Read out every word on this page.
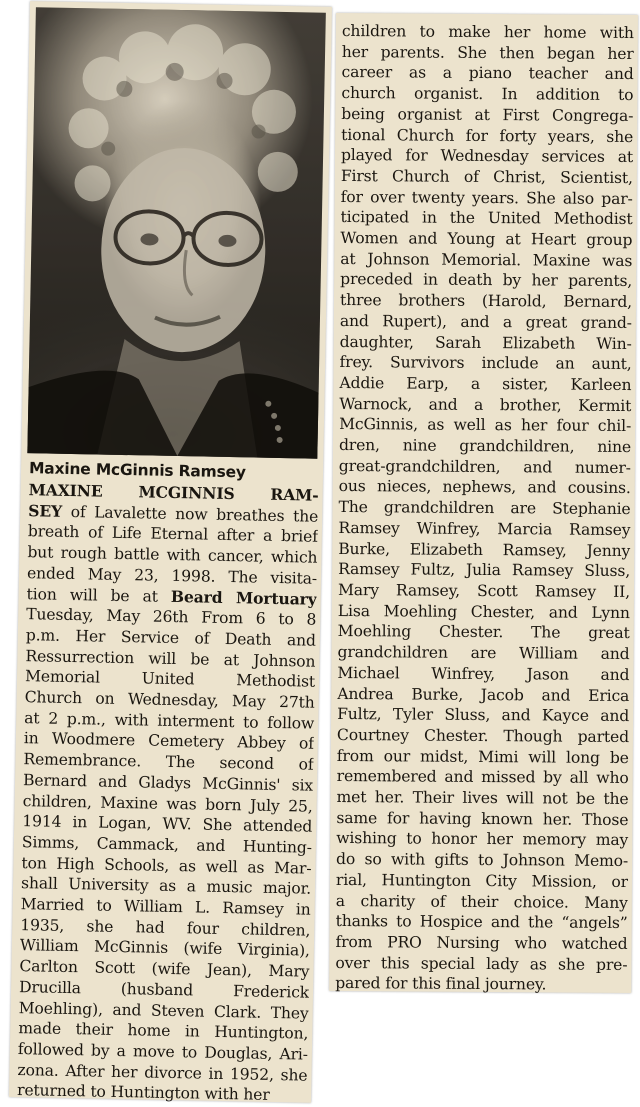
Maxine McGinnis Ramsey
MAXINE MCGINNIS RAM-
SEY of Lavalette now breathes the
breath of Life Eternal after a brief
but rough battle with cancer, which
ended May 23, 1998. The visita-
tion will be at Beard Mortuary
Tuesday, May 26th From 6 to 8
p.m. Her Service of Death and
Ressurrection will be at Johnson
Memorial United Methodist
Church on Wednesday, May 27th
at 2 p.m., with interment to follow
in Woodmere Cemetery Abbey of
Remembrance. The second of
Bernard and Gladys McGinnis' six
children, Maxine was born July 25,
1914 in Logan, WV. She attended
Simms, Cammack, and Hunting-
ton High Schools, as well as Mar-
shall University as a music major.
Married to William L. Ramsey in
1935, she had four children,
William McGinnis (wife Virginia),
Carlton Scott (wife Jean), Mary
Drucilla (husband Frederick
Moehling), and Steven Clark. They
made their home in Huntington,
followed by a move to Douglas, Ari-
zona. After her divorce in 1952, she
returned to Huntington with her
children to make her home with
her parents. She then began her
career as a piano teacher and
church organist. In addition to
being organist at First Congrega-
tional Church for forty years, she
played for Wednesday services at
First Church of Christ, Scientist,
for over twenty years. She also par-
ticipated in the United Methodist
Women and Young at Heart group
at Johnson Memorial. Maxine was
preceded in death by her parents,
three brothers (Harold, Bernard,
and Rupert), and a great grand-
daughter, Sarah Elizabeth Win-
frey. Survivors include an aunt,
Addie Earp, a sister, Karleen
Warnock, and a brother, Kermit
McGinnis, as well as her four chil-
dren, nine grandchildren, nine
great-grandchildren, and numer-
ous nieces, nephews, and cousins.
The grandchildren are Stephanie
Ramsey Winfrey, Marcia Ramsey
Burke, Elizabeth Ramsey, Jenny
Ramsey Fultz, Julia Ramsey Sluss,
Mary Ramsey, Scott Ramsey II,
Lisa Moehling Chester, and Lynn
Moehling Chester. The great
grandchildren are William and
Michael Winfrey, Jason and
Andrea Burke, Jacob and Erica
Fultz, Tyler Sluss, and Kayce and
Courtney Chester. Though parted
from our midst, Mimi will long be
remembered and missed by all who
met her. Their lives will not be the
same for having known her. Those
wishing to honor her memory may
do so with gifts to Johnson Memo-
rial, Huntington City Mission, or
a charity of their choice. Many
thanks to Hospice and the “angels”
from PRO Nursing who watched
over this special lady as she pre-
pared for this final journey.
